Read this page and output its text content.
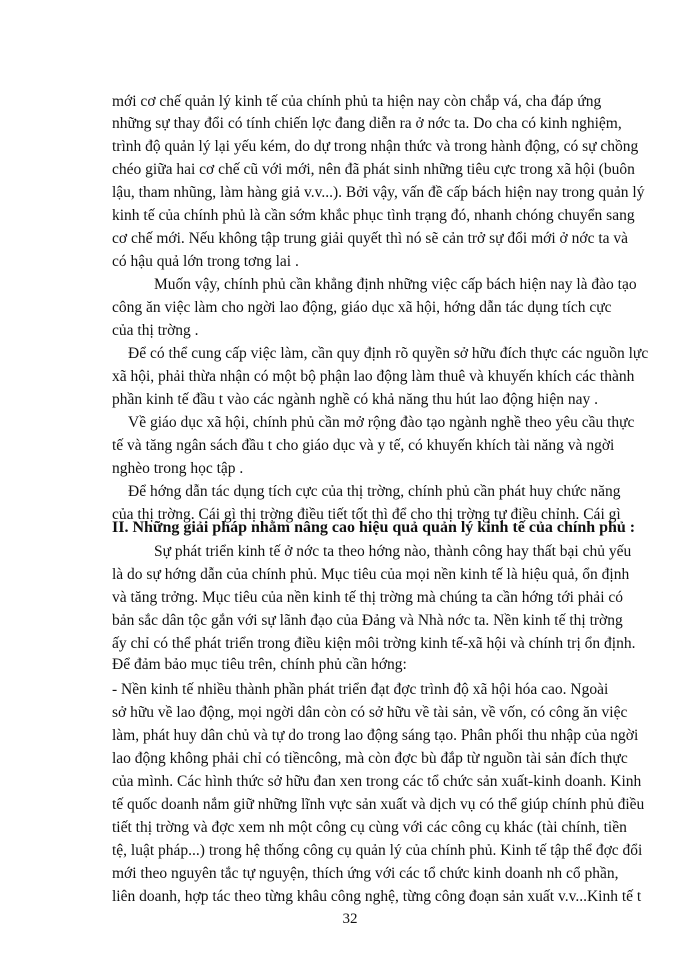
mới cơ chế quản lý kinh tế của chính phủ ta hiện nay còn chắp vá, cha đáp ứng
những sự thay đổi có tính chiến lợc đang diễn ra ở nớc ta. Do cha có kinh nghiệm,
trình độ quản lý lại yếu kém, do dự trong nhận thức và trong hành động, có sự chồng
chéo giữa hai cơ chế cũ với mới, nên đã phát sinh những tiêu cực trong xã hội (buôn
lậu, tham nhũng, làm hàng giả v.v...). Bởi vậy, vấn đề cấp bách hiện nay trong quản lý
kinh tế của chính phủ là cần sớm khắc phục tình trạng đó, nhanh chóng chuyển sang
cơ chế mới. Nếu không tập trung giải quyết thì nó sẽ cản trở sự đổi mới ở nớc ta và
có hậu quả lớn trong tơng lai .
Muốn vậy, chính phủ cần khẳng định những việc cấp bách hiện nay là đào tạo
công ăn việc làm cho ngời lao động, giáo dục xã hội, hớng dẫn tác dụng tích cực
của thị trờng .
Để có thể cung cấp việc làm, cần quy định rõ quyền sở hữu đích thực các nguồn lực
xã hội, phải thừa nhận có một bộ phận lao động làm thuê và khuyến khích các thành
phần kinh tế đầu t vào các ngành nghề có khả năng thu hút lao động hiện nay .
Về giáo dục xã hội, chính phủ cần mở rộng đào tạo ngành nghề theo yêu cầu thực
tế và tăng ngân sách đầu t cho giáo dục và y tế, có khuyến khích tài năng và ngời
nghèo trong học tập .
Để hớng dẫn tác dụng tích cực của thị trờng, chính phủ cần phát huy chức năng
của thị trờng. Cái gì thị trờng điều tiết tốt thì để cho thị trờng tự điều chỉnh. Cái gì
II. Những giải pháp nhằm nâng cao hiệu quả quản lý kinh tế của chính phủ :
Sự phát triển kinh tế ở nớc ta theo hớng nào, thành công hay thất bại chủ yếu
là do sự hớng dẫn của chính phủ. Mục tiêu của mọi nền kinh tế là hiệu quả, ổn định
và tăng trởng. Mục tiêu của nền kinh tế thị trờng mà chúng ta cần hớng tới phải có
bản sắc dân tộc gắn với sự lãnh đạo của Đảng và Nhà nớc ta. Nền kinh tế thị trờng
ấy chỉ có thể phát triển trong điều kiện môi trờng kinh tế-xã hội và chính trị ổn định.
Để đảm bảo mục tiêu trên, chính phủ cần hớng:
- Nền kinh tế nhiều thành phần phát triển đạt đợc trình độ xã hội hóa cao. Ngoài
sở hữu về lao động, mọi ngời dân còn có sở hữu về tài sản, về vốn, có công ăn việc
làm, phát huy dân chủ và tự do trong lao động sáng tạo. Phân phối thu nhập của ngời
lao động không phải chỉ có tiềncông, mà còn đợc bù đắp từ nguồn tài sản đích thực
của mình. Các hình thức sở hữu đan xen trong các tổ chức sản xuất-kinh doanh. Kinh
tế quốc doanh nắm giữ những lĩnh vực sản xuất và dịch vụ có thể giúp chính phủ điều
tiết thị trờng và đợc xem nh một công cụ cùng với các công cụ khác (tài chính, tiền
tệ, luật pháp...) trong hệ thống công cụ quản lý của chính phủ. Kinh tế tập thể đợc đổi
mới theo nguyên tắc tự nguyện, thích ứng với các tổ chức kinh doanh nh cổ phần,
liên doanh, hợp tác theo từng khâu công nghệ, từng công đoạn sản xuất v.v...Kinh tế t
32
